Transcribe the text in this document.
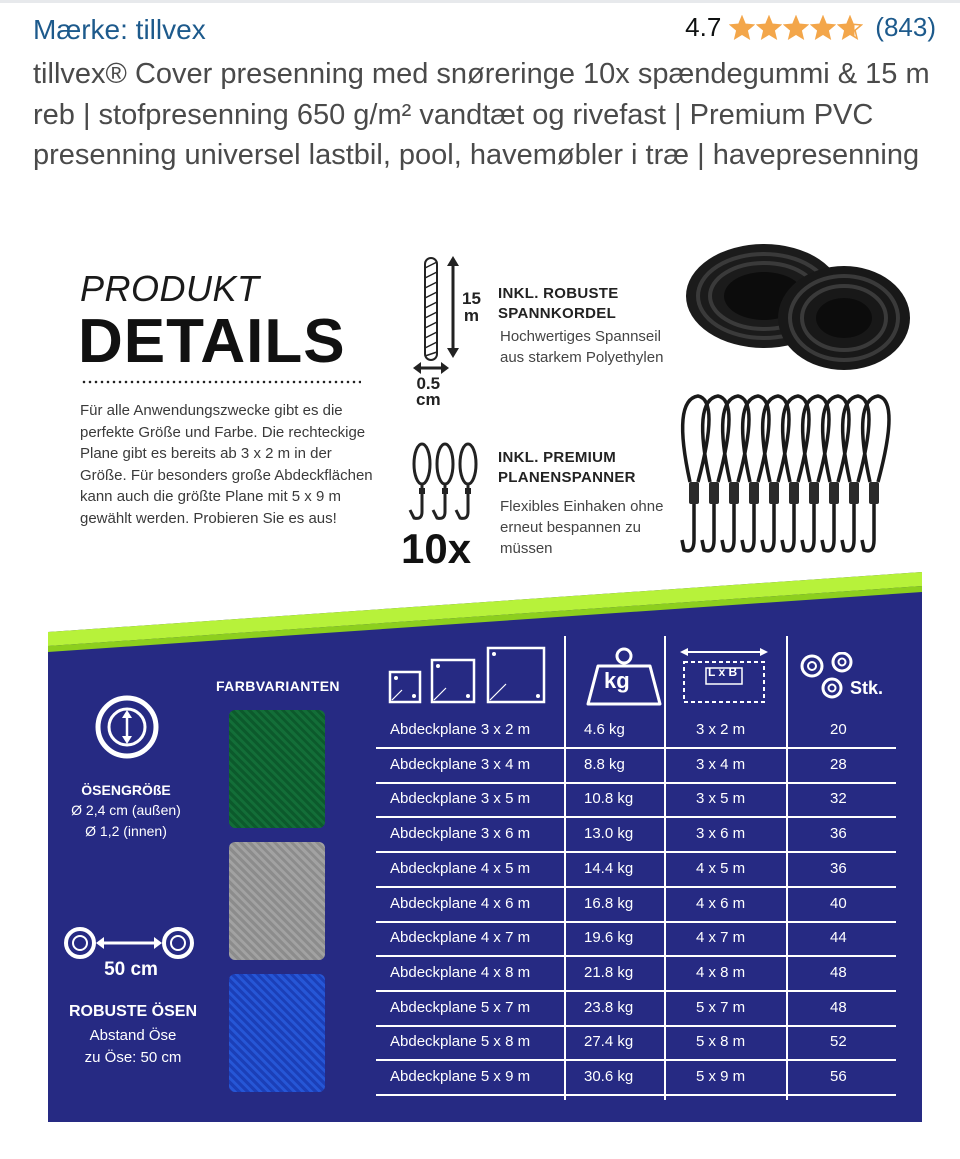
Mærke: tillvex	4.7	(843)
tillvex® Cover presenning med snøreringe 10x spændegummi & 15 m reb | stofpresenning 650 g/m² vandtæt og rivefast | Premium PVC presenning universel lastbil, pool, havemøbler i træ | havepresenning
PRODUKT
DETAILS
Für alle Anwendungszwecke gibt es die perfekte Größe und Farbe. Die rechteckige Plane gibt es bereits ab 3 x 2 m in der Größe. Für besonders große Abdeckflächen kann auch die größte Plane mit 5 x 9 m gewählt werden. Probieren Sie es aus!
15
m
0.5
cm
INKL. ROBUSTE
SPANNKORDEL
Hochwertiges Spannseil aus starkem Polyethylen
10x
INKL. PREMIUM
PLANENSPANNER
Flexibles Einhaken ohne erneut bespannen zu müssen
FARBVARIANTEN
ÖSENGRÖßE
Ø 2,4 cm (außen)
Ø 1,2 (innen)
50 cm
ROBUSTE ÖSEN
Abstand Öse
zu Öse: 50 cm
kg	L x B
Stk.
Abdeckplane 3 x 2 m	4.6 kg	3 x 2 m	20
Abdeckplane 3 x 4 m	8.8 kg	3 x 4 m	28
Abdeckplane 3 x 5 m	10.8 kg	3 x 5 m	32
Abdeckplane 3 x 6 m	13.0 kg	3 x 6 m	36
Abdeckplane 4 x 5 m	14.4 kg	4 x 5 m	36
Abdeckplane 4 x 6 m	16.8 kg	4 x 6 m	40
Abdeckplane 4 x 7 m	19.6 kg	4 x 7 m	44
Abdeckplane 4 x 8 m	21.8 kg	4 x 8 m	48
Abdeckplane 5 x 7 m	23.8 kg	5 x 7 m	48
Abdeckplane 5 x 8 m	27.4 kg	5 x 8 m	52
Abdeckplane 5 x 9 m	30.6 kg	5 x 9 m	56
